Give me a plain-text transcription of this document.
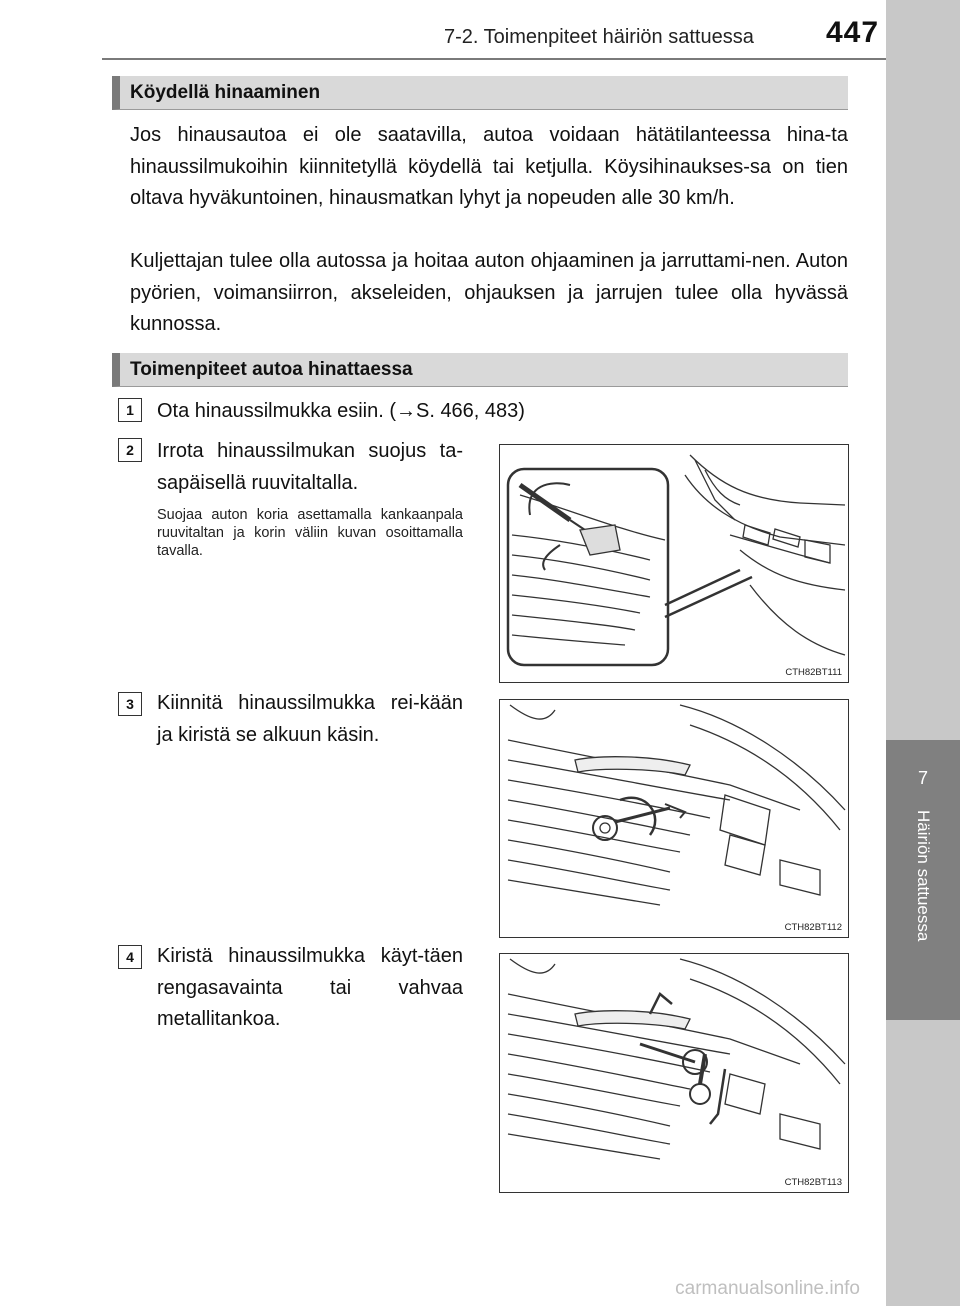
7-2. Toimenpiteet häiriön sattuessa 447
7
Häiriön sattuessa
Köydellä hinaaminen
Jos hinausautoa ei ole saatavilla, autoa voidaan hätätilanteessa hina-ta hinaussilmukoihin kiinnitetyllä köydellä tai ketjulla. Köysihinaukses-sa on tien oltava hyväkuntoinen, hinausmatkan lyhyt ja nopeuden alle 30 km/h.
Kuljettajan tulee olla autossa ja hoitaa auton ohjaaminen ja jarruttami-nen. Auton pyörien, voimansiirron, akseleiden, ohjauksen ja jarrujen tulee olla hyvässä kunnossa.
Toimenpiteet autoa hinattaessa
1	Ota hinaussilmukka esiin. (→S. 466, 483)
2	Irrota hinaussilmukan suojus ta-sapäisellä ruuvitaltalla.
Suojaa auton koria asettamalla kankaanpala ruuvitaltan ja korin väliin kuvan osoittamalla tavalla.
CTH82BT111
3	Kiinnitä hinaussilmukka rei-kään ja kiristä se alkuun käsin.
CTH82BT112
4	Kiristä hinaussilmukka käyt-täen rengasavainta tai vahvaa metallitankoa.
CTH82BT113
carmanualsonline.info
